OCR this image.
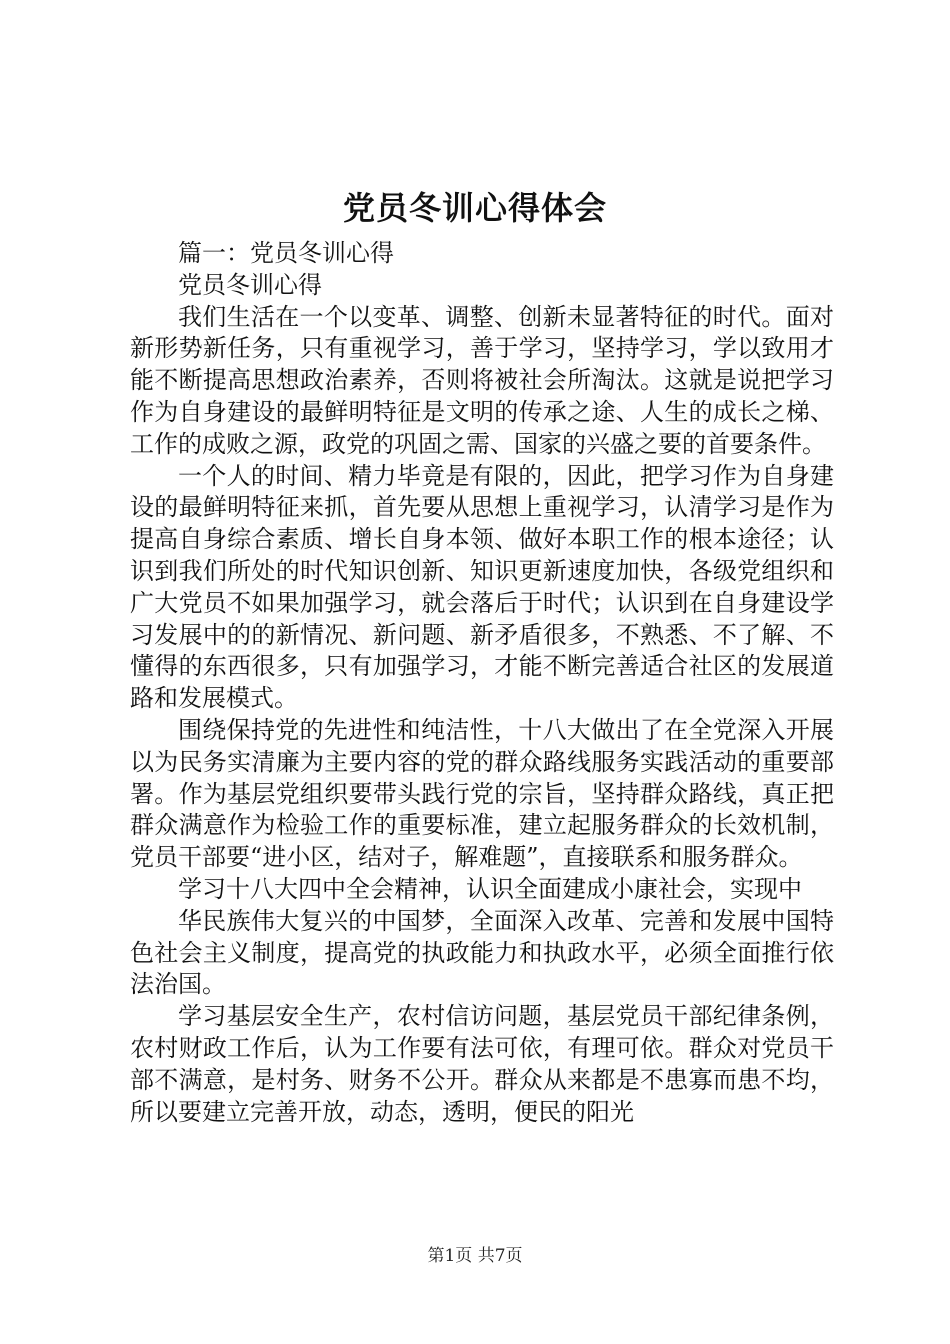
党员冬训心得体会

篇一：党员冬训心得

党员冬训心得

我们生活在一个以变革、调整、创新未显著特征的时代。面对新形势新任务，只有重视学习，善于学习，坚持学习，学以致用才能不断提高思想政治素养，否则将被社会所淘汰。这就是说把学习作为自身建设的最鲜明特征是文明的传承之途、人生的成长之梯、工作的成败之源，政党的巩固之需、国家的兴盛之要的首要条件。

一个人的时间、精力毕竟是有限的，因此，把学习作为自身建设的最鲜明特征来抓，首先要从思想上重视学习，认清学习是作为提高自身综合素质、增长自身本领、做好本职工作的根本途径；认识到我们所处的时代知识创新、知识更新速度加快，各级党组织和广大党员不如果加强学习，就会落后于时代；认识到在自身建设学习发展中的的新情况、新问题、新矛盾很多，不熟悉、不了解、不懂得的东西很多，只有加强学习，才能不断完善适合社区的发展道路和发展模式。

围绕保持党的先进性和纯洁性，十八大做出了在全党深入开展以为民务实清廉为主要内容的党的群众路线服务实践活动的重要部署。作为基层党组织要带头践行党的宗旨，坚持群众路线，真正把群众满意作为检验工作的重要标准，建立起服务群众的长效机制，党员干部要“进小区，结对子，解难题”，直接联系和服务群众。

学习十八大四中全会精神，认识全面建成小康社会，实现中

华民族伟大复兴的中国梦，全面深入改革、完善和发展中国特色社会主义制度，提高党的执政能力和执政水平，必须全面推行依法治国。

学习基层安全生产，农村信访问题，基层党员干部纪律条例，农村财政工作后，认为工作要有法可依，有理可依。群众对党员干部不满意，是村务、财务不公开。群众从来都是不患寡而患不均，所以要建立完善开放，动态，透明，便民的阳光

第1页 共7页
